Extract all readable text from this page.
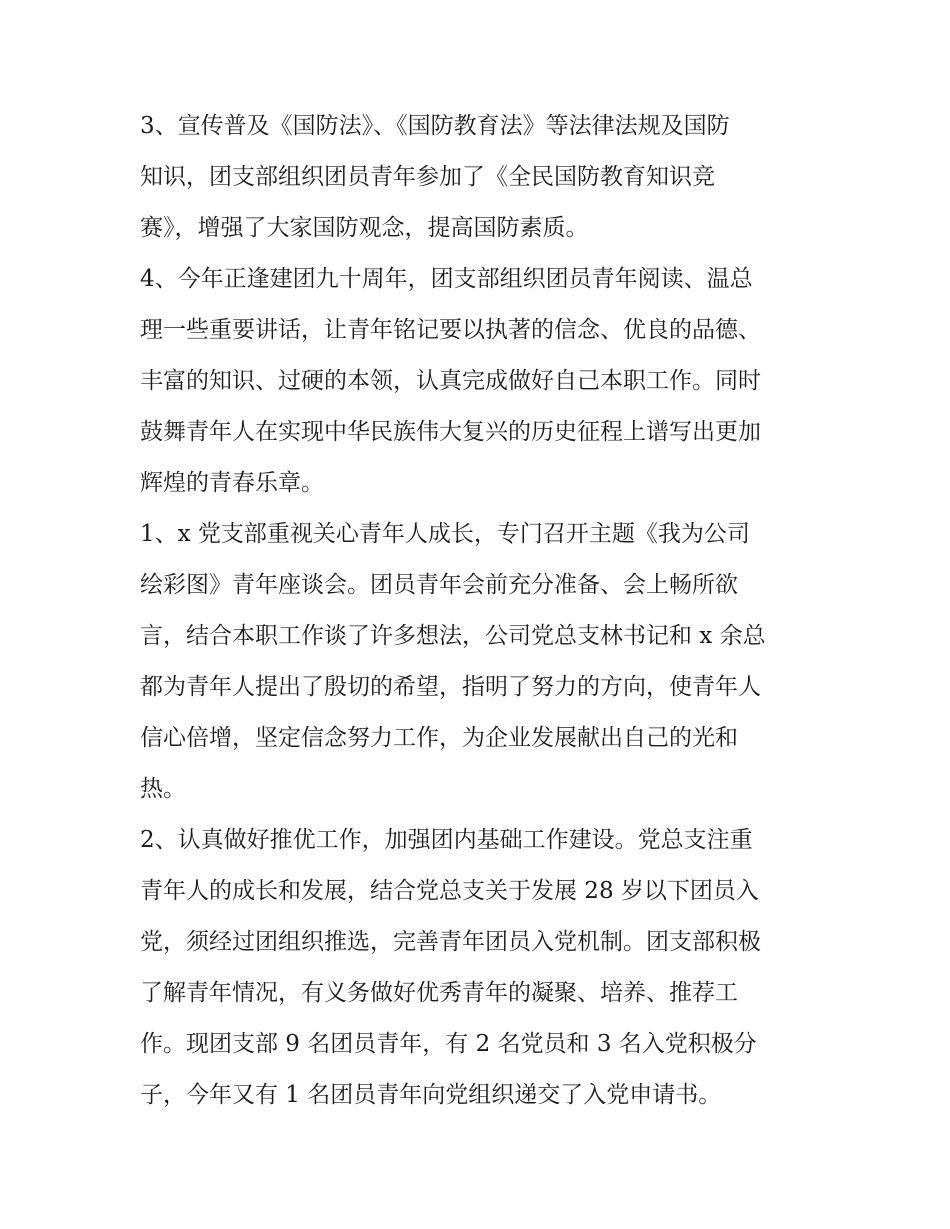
3、宣传普及《国防法》、《国防教育法》等法律法规及国防
知识，团支部组织团员青年参加了《全民国防教育知识竞
赛》，增强了大家国防观念，提高国防素质。
4、今年正逢建团九十周年，团支部组织团员青年阅读、温总
理一些重要讲话，让青年铭记要以执著的信念、优良的品德、
丰富的知识、过硬的本领，认真完成做好自己本职工作。同时
鼓舞青年人在实现中华民族伟大复兴的历史征程上谱写出更加
辉煌的青春乐章。
1、x 党支部重视关心青年人成长，专门召开主题《我为公司
绘彩图》青年座谈会。团员青年会前充分准备、会上畅所欲
言，结合本职工作谈了许多想法，公司党总支林书记和 x 余总
都为青年人提出了殷切的希望，指明了努力的方向，使青年人
信心倍增，坚定信念努力工作，为企业发展献出自己的光和
热。
2、认真做好推优工作，加强团内基础工作建设。党总支注重
青年人的成长和发展，结合党总支关于发展 28 岁以下团员入
党，须经过团组织推选，完善青年团员入党机制。团支部积极
了解青年情况，有义务做好优秀青年的凝聚、培养、推荐工
作。现团支部 9 名团员青年，有 2 名党员和 3 名入党积极分
子，今年又有 1 名团员青年向党组织递交了入党申请书。
